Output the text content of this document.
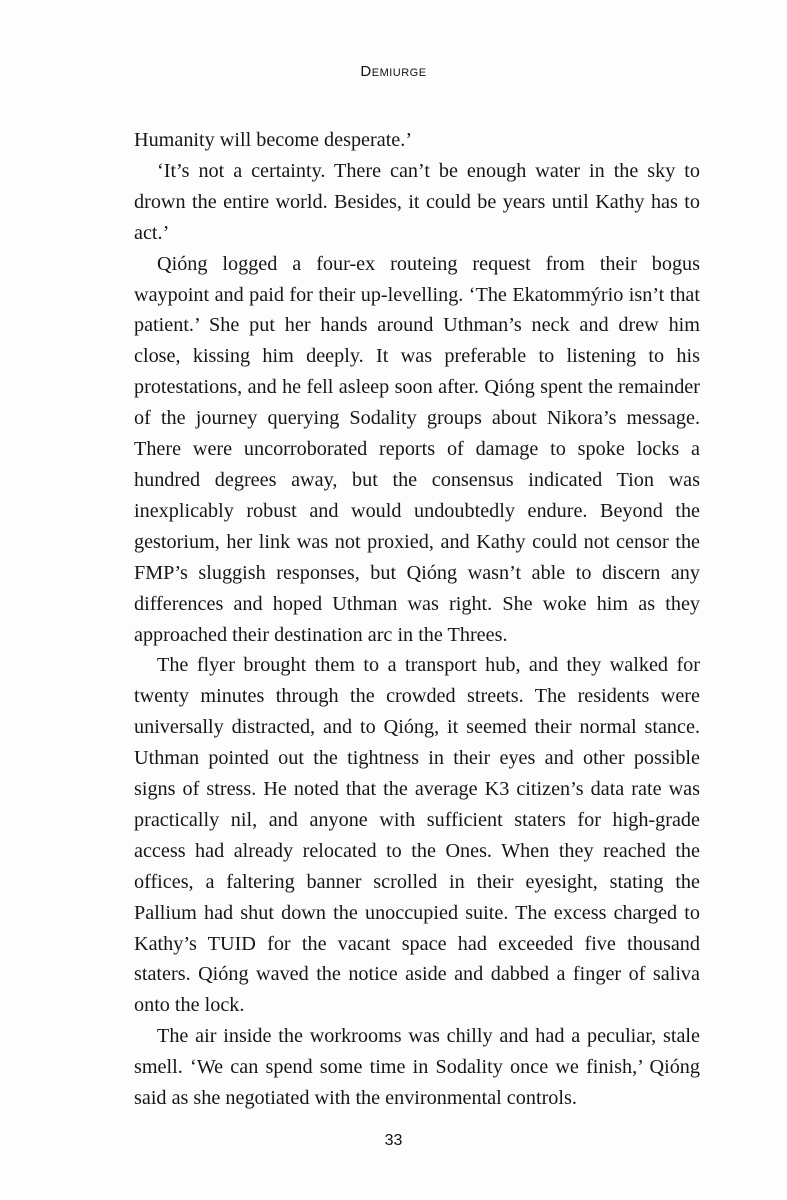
Demiurge

Humanity will become desperate.’

‘It’s not a certainty. There can’t be enough water in the sky to drown the entire world. Besides, it could be years until Kathy has to act.’

Qióng logged a four-ex routeing request from their bogus waypoint and paid for their up-levelling. ‘The Ekatommýrio isn’t that patient.’ She put her hands around Uthman’s neck and drew him close, kissing him deeply. It was preferable to listening to his protestations, and he fell asleep soon after. Qióng spent the remainder of the journey querying Sodality groups about Nikora’s message. There were uncorroborated reports of damage to spoke locks a hundred degrees away, but the consensus indicated Tion was inexplicably robust and would undoubtedly endure. Beyond the gestorium, her link was not proxied, and Kathy could not censor the FMP’s sluggish responses, but Qióng wasn’t able to discern any differences and hoped Uthman was right. She woke him as they approached their destination arc in the Threes.

The flyer brought them to a transport hub, and they walked for twenty minutes through the crowded streets. The residents were universally distracted, and to Qióng, it seemed their normal stance. Uthman pointed out the tightness in their eyes and other possible signs of stress. He noted that the average K3 citizen’s data rate was practically nil, and anyone with sufficient staters for high-grade access had already relocated to the Ones. When they reached the offices, a faltering banner scrolled in their eyesight, stating the Pallium had shut down the unoccupied suite. The excess charged to Kathy’s TUID for the vacant space had exceeded five thousand staters. Qióng waved the notice aside and dabbed a finger of saliva onto the lock.

The air inside the workrooms was chilly and had a peculiar, stale smell. ‘We can spend some time in Sodality once we finish,’ Qióng said as she negotiated with the environmental controls.

33
